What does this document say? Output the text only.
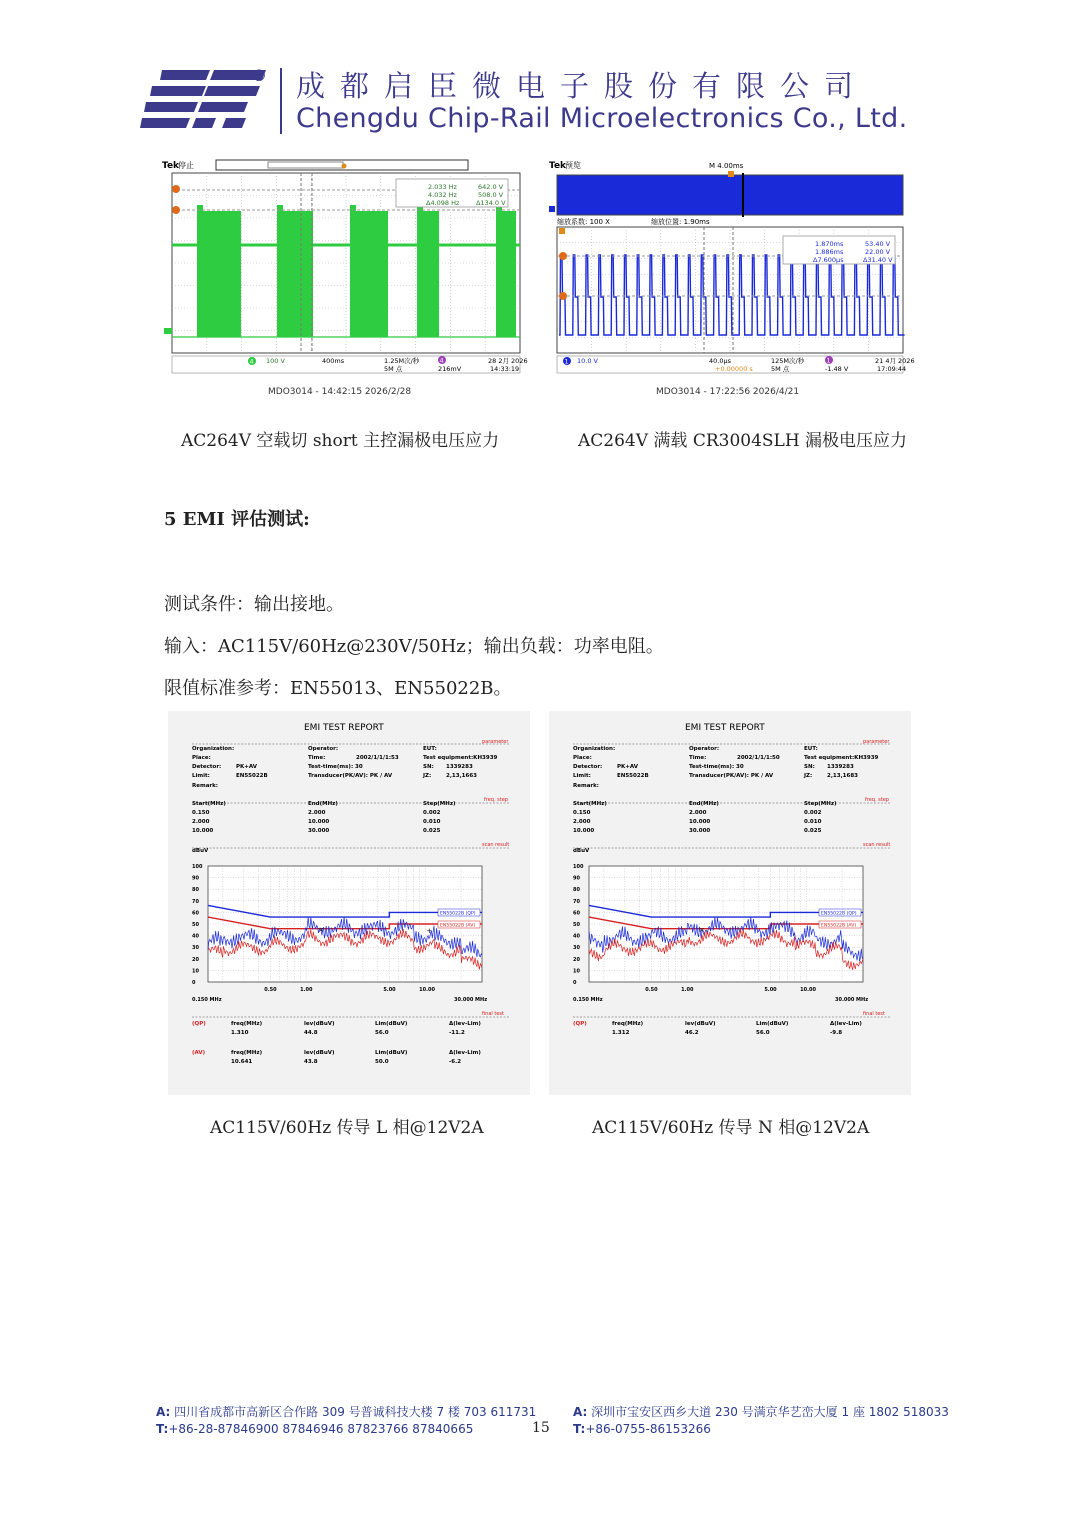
® 成都启臣微电子股份有限公司
Chengdu Chip-Rail Microelectronics Co., Ltd.
Tek
停止
2.033 Hz	642.0 V
4.032 Hz	508.0 V
Δ4.098 Hz	Δ134.0 V
4 100 V	400ms	1.25M次/秒
5M 点
4
216mV
28 2月 2026
14:33:19
MDO3014 - 14:42:15 2026/2/28
AC264V 空载切 short 主控漏极电压应力
Tek
预览	M 4.00ms
缩放系数: 100 X	缩放位置: 1.90ms
1.870ms	53.40 V
1.886ms	22.00 V
Δ7.600µs	Δ31.40 V
1 10.0 V	40.0µs
+0.00000 s
125M次/秒
5M 点
1
-1.48 V
21 4月 2026
17:09:44
MDO3014 - 17:22:56 2026/4/21
AC264V 满载 CR3004SLH 漏极电压应力
5 EMI 评估测试:
测试条件：输出接地。
输入：AC115V/60Hz@230V/50Hz；输出负载：功率电阻。
限值标准参考：EN55013、EN55022B。
EMI TEST REPORT
parameter
freq. step
scan result
final test
Organization:	Operator:	EUT:
Place:	Time:	2002/1/1/1:53	Test equipment:KH3939
Detector:	PK+AV	Test-time(ms): 30	SN: 1339283
Limit:	EN55022B	Transducer(PK/AV): PK / AV	JZ:	2,13,1663
Remark:
Start(MHz)	End(MHz)	Step(MHz)
0.150	2.000	0.002
2.000	10.000	0.010
10.000	30.000	0.025
dBuV
100
90
80
70
60
50
40
30
20
10
0
0.50	1.00	5.00	10.00
0.150 MHz	30.000 MHz
EN55022B (QP)
EN55022B (AV)
×	+
(QP)	freq(MHz)	lev(dBuV)	Lim(dBuV)	Δ(lev-Lim)
1.310	44.8	56.0	-11.2
(AV)	freq(MHz)	lev(dBuV)	Lim(dBuV)	Δ(lev-Lim)
10.641	43.8	50.0	-6.2
EMI TEST REPORT
parameter
freq. step
scan result
final test
Organization:	Operator:	EUT:
Place:	Time:	2002/1/1/1:50	Test equipment:KH3939
Detector:	PK+AV	Test-time(ms): 30	SN: 1339283
Limit:	EN55022B	Transducer(PK/AV): PK / AV	JZ:	2,13,1683
Remark:
Start(MHz)	End(MHz)	Step(MHz)
0.150	2.000	0.002
2.000	10.000	0.010
10.000	30.000	0.025
dBuV
100
90
80
70
60
50
40
30
20
10
0
0.50	1.00	5.00	10.00
0.150 MHz	30.000 MHz
EN55022B (QP)
EN55022B (AV)
×
(QP)	freq(MHz)	lev(dBuV)	Lim(dBuV)	Δ(lev-Lim)
1.312	46.2	56.0	-9.8
AC115V/60Hz 传导 L 相@12V2A	AC115V/60Hz 传导 N 相@12V2A
A: 四川省成都市高新区合作路 309 号普诚科技大楼 7 楼 703 611731
T:+86-28-87846900 87846946 87823766 87840665	15
A: 深圳市宝安区西乡大道 230 号满京华艺峦大厦 1 座 1802 518033
T:+86-0755-86153266
